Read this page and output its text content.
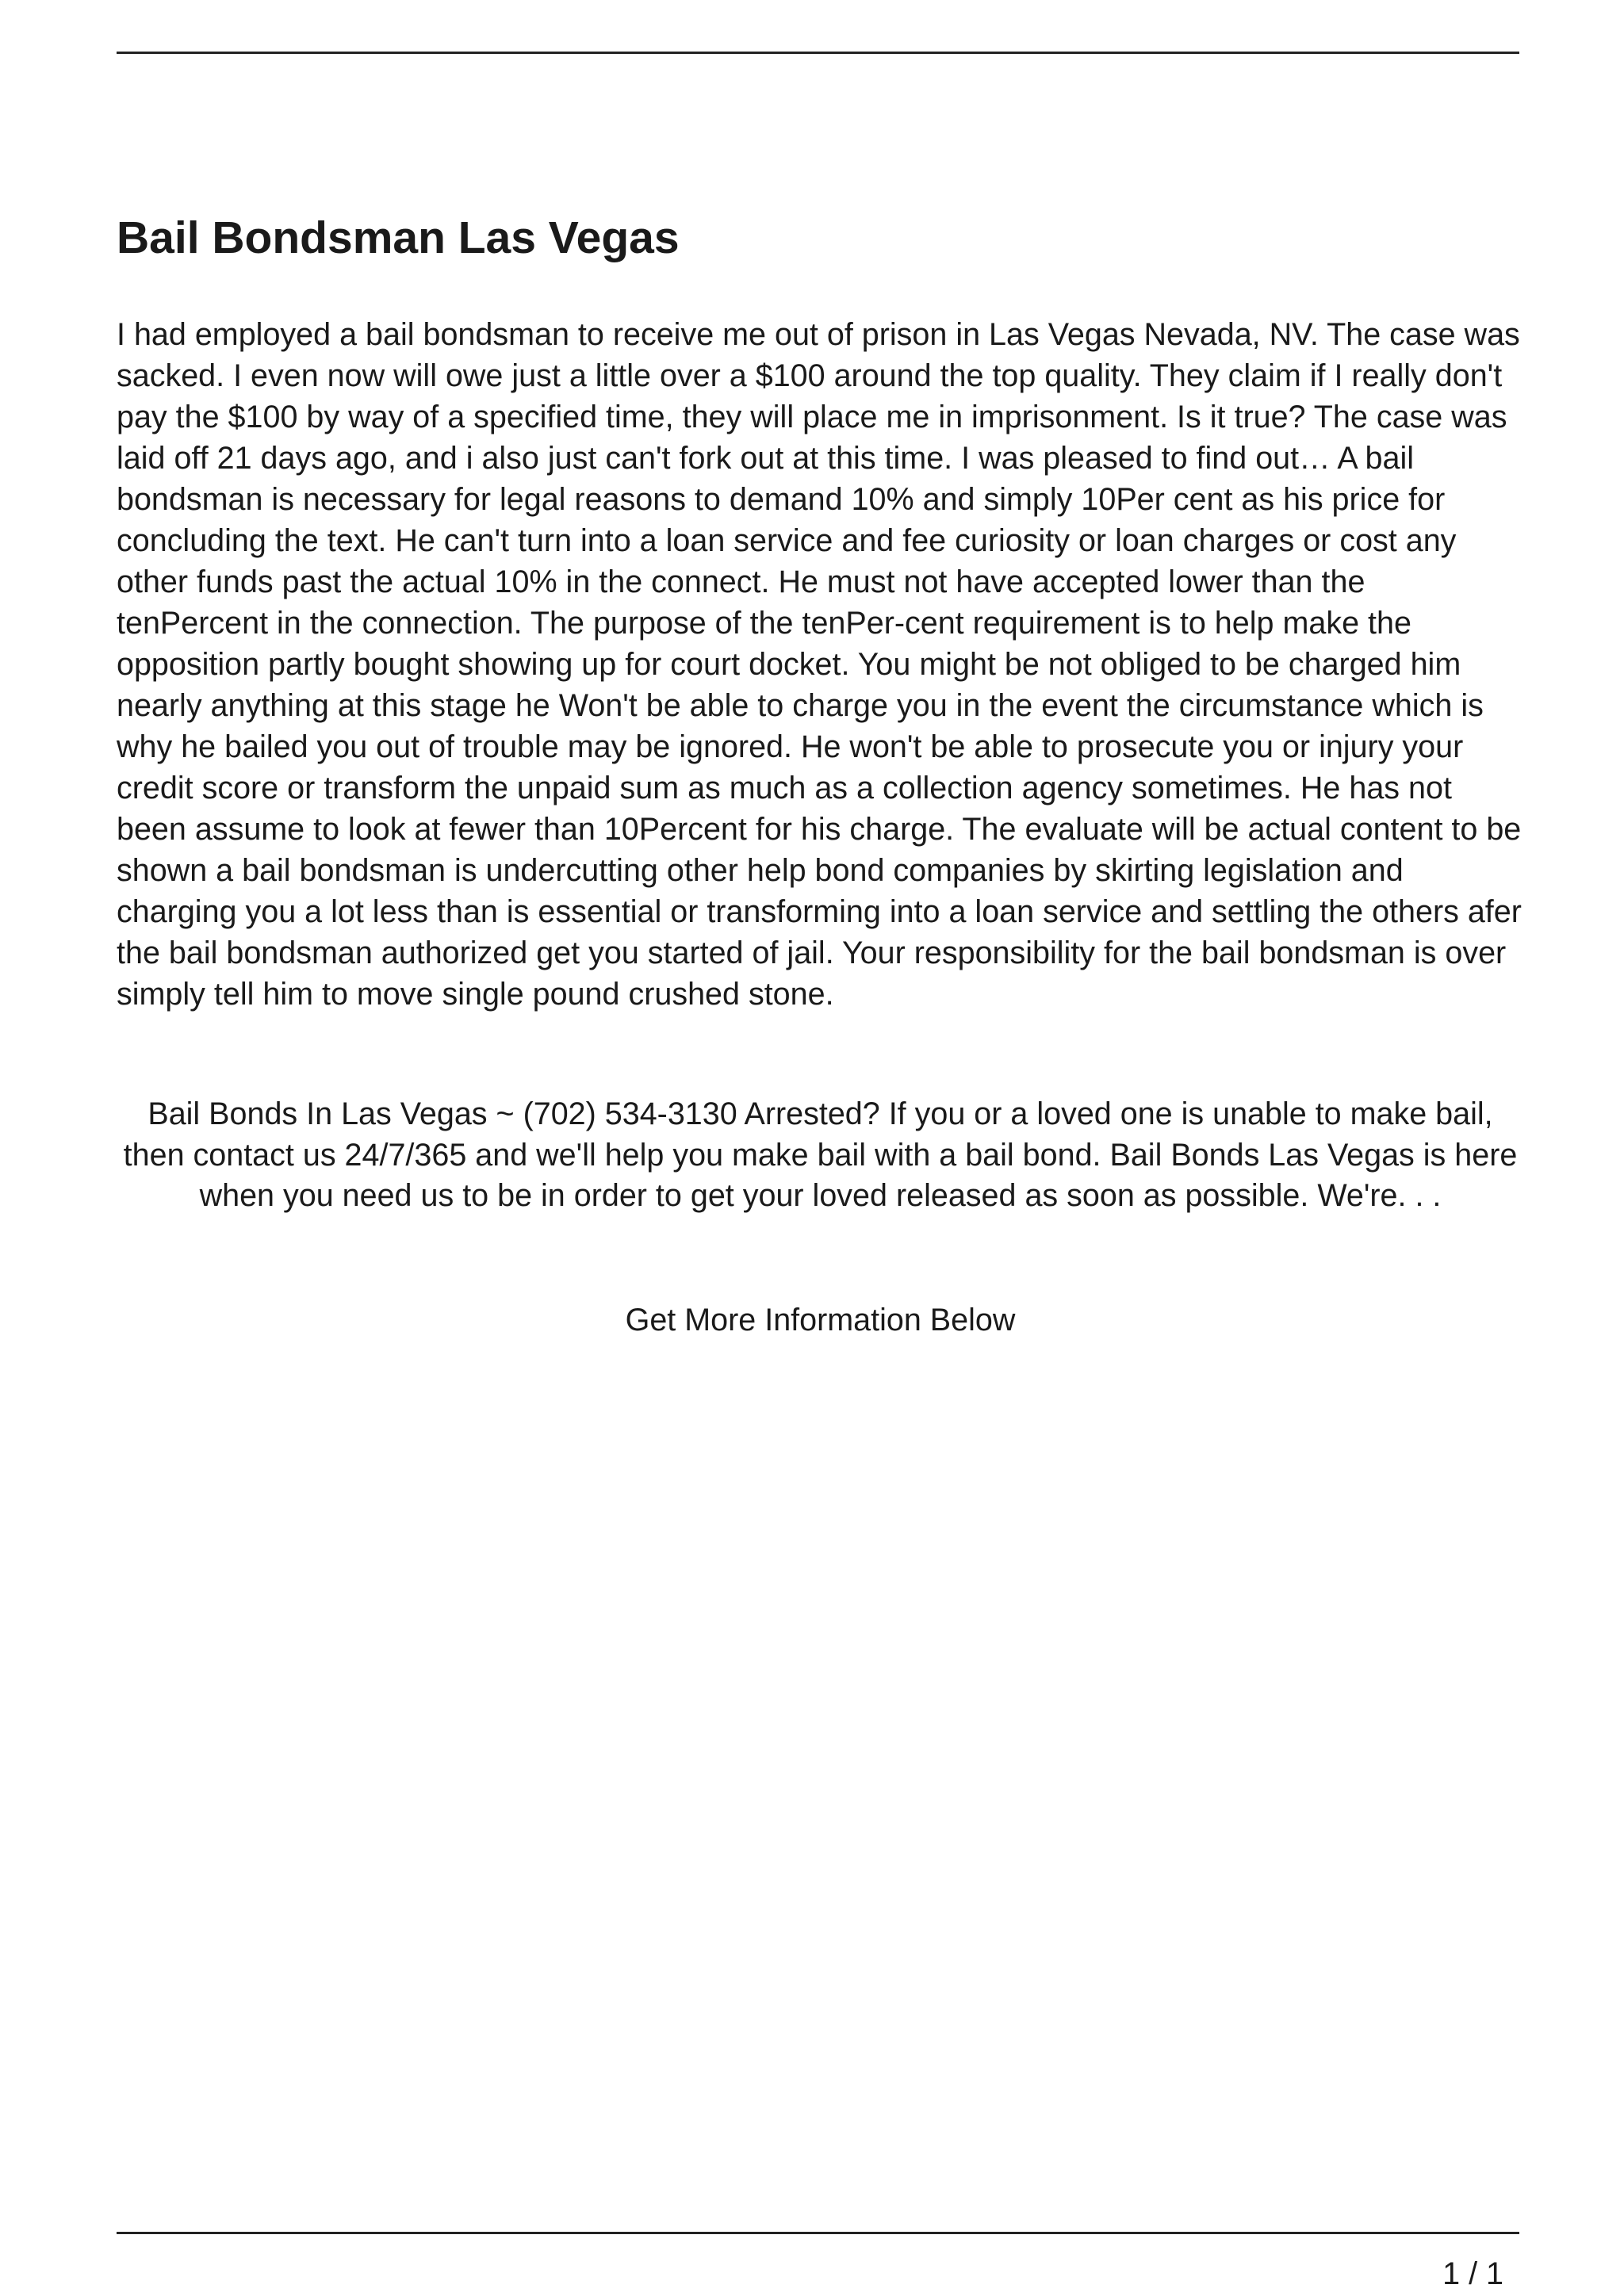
Bail Bondsman Las Vegas

I had employed a bail bondsman to receive me out of prison in Las Vegas Nevada, NV. The case was sacked. I even now will owe just a little over a $100 around the top quality. They claim if I really don't pay the $100 by way of a specified time, they will place me in imprisonment. Is it true? The case was laid off 21 days ago, and i also just can't fork out at this time. I was pleased to find out… A bail bondsman is necessary for legal reasons to demand 10% and simply 10Per cent as his price for concluding the text. He can't turn into a loan service and fee curiosity or loan charges or cost any other funds past the actual 10% in the connect. He must not have accepted lower than the tenPercent in the connection. The purpose of the tenPer-cent requirement is to help make the opposition partly bought showing up for court docket. You might be not obliged to be charged him nearly anything at this stage he Won't be able to charge you in the event the circumstance which is why he bailed you out of trouble may be ignored. He won't be able to prosecute you or injury your credit score or transform the unpaid sum as much as a collection agency sometimes. He has not been assume to look at fewer than 10Percent for his charge. The evaluate will be actual content to be shown a bail bondsman is undercutting other help bond companies by skirting legislation and charging you a lot less than is essential or transforming into a loan service and settling the others afer the bail bondsman authorized get you started of jail. Your responsibility for the bail bondsman is over simply tell him to move single pound crushed stone.

Bail Bonds In Las Vegas ~ (702) 534-3130 Arrested? If you or a loved one is unable to make bail, then contact us 24/7/365 and we'll help you make bail with a bail bond. Bail Bonds Las Vegas is here when you need us to be in order to get your loved released as soon as possible. We're. . .

Get More Information Below

1 / 1
